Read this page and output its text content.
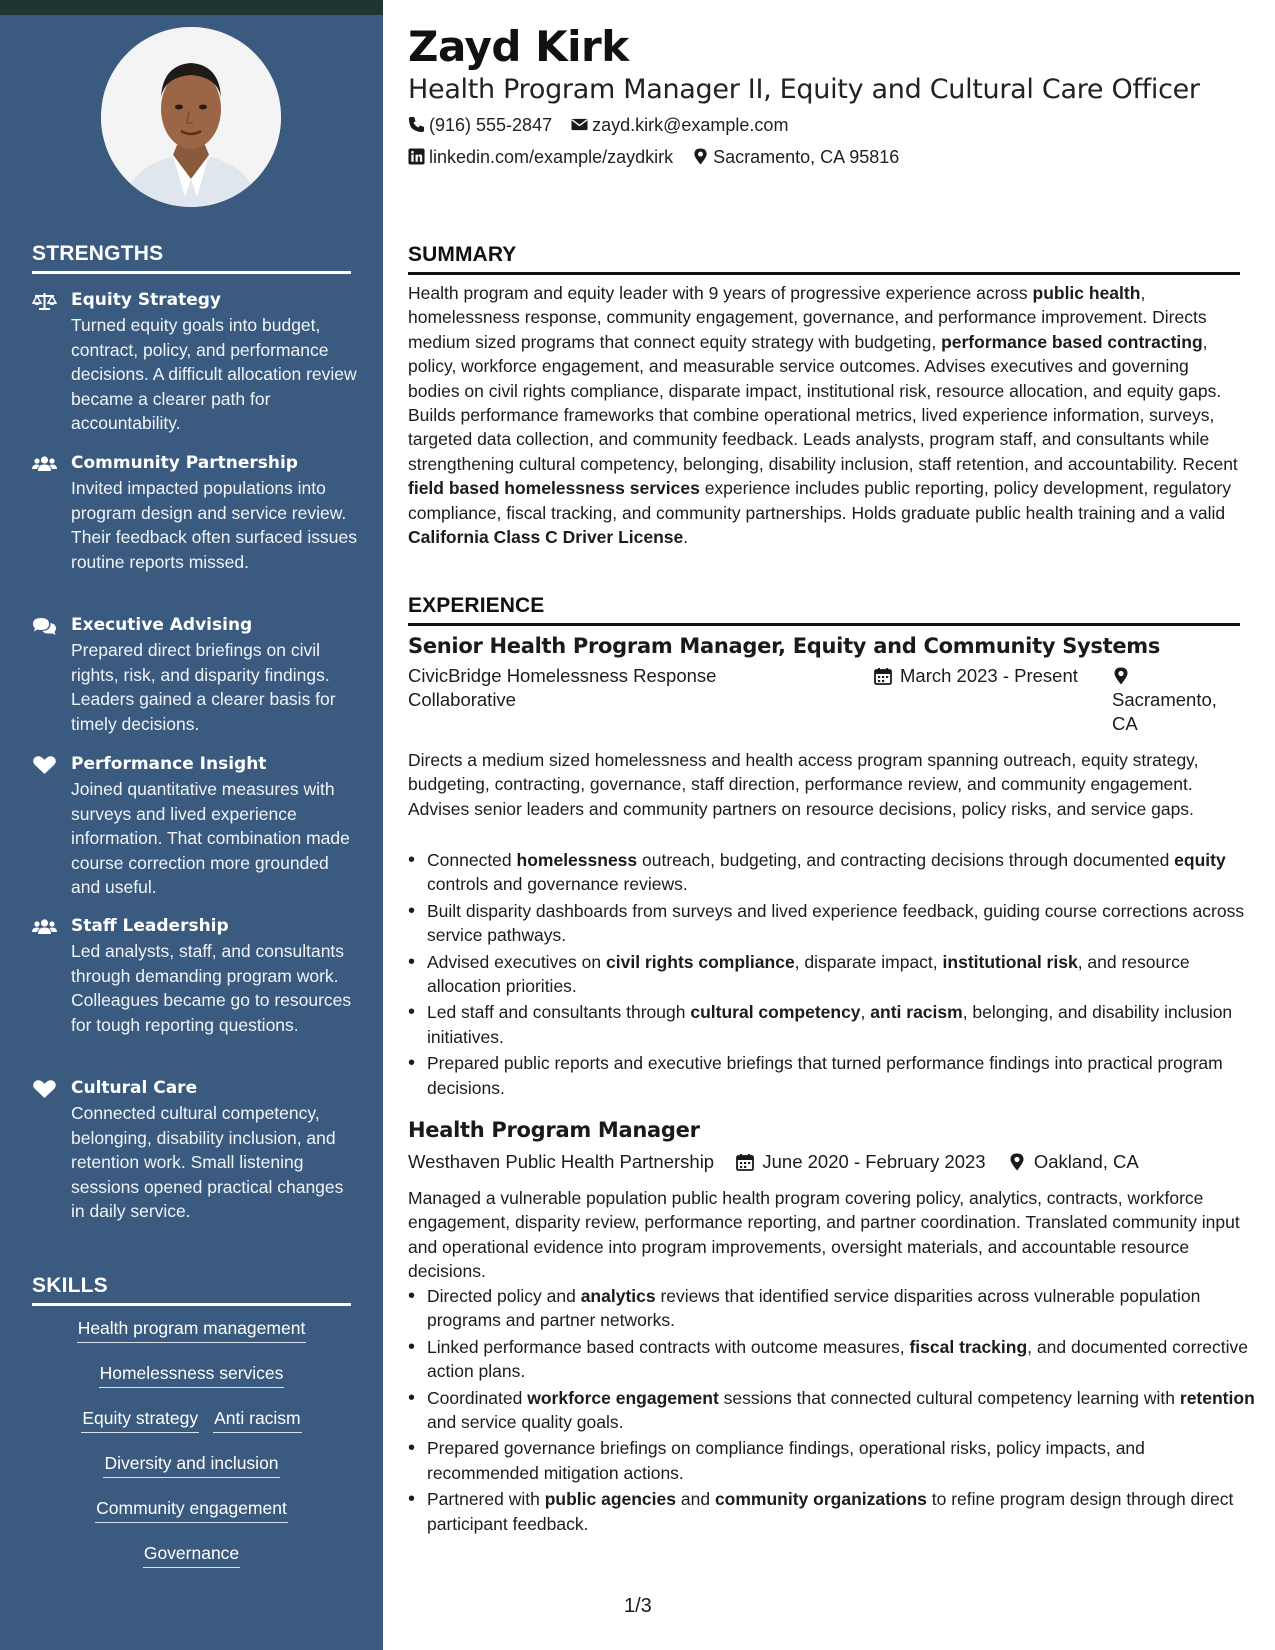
STRENGTHS
Equity Strategy
Turned equity goals into budget, contract, policy, and performance decisions. A difficult allocation review became a clearer path for accountability.
Community Partnership
Invited impacted populations into program design and service review. Their feedback often surfaced issues routine reports missed.
Executive Advising
Prepared direct briefings on civil rights, risk, and disparity findings. Leaders gained a clearer basis for timely decisions.
Performance Insight
Joined quantitative measures with surveys and lived experience information. That combination made course correction more grounded and useful.
Staff Leadership
Led analysts, staff, and consultants through demanding program work. Colleagues became go to resources for tough reporting questions.
Cultural Care
Connected cultural competency, belonging, disability inclusion, and retention work. Small listening sessions opened practical changes in daily service.
SKILLS
Health program management
Homelessness services
Equity strategy Anti racism
Diversity and inclusion
Community engagement
Governance
Zayd Kirk
Health Program Manager II, Equity and Cultural Care Officer
(916) 555-2847 zayd.kirk@example.com
linkedin.com/example/zaydkirk Sacramento, CA 95816
SUMMARY
Health program and equity leader with 9 years of progressive experience across public health, homelessness response, community engagement, governance, and performance improvement. Directs medium sized programs that connect equity strategy with budgeting, performance based contracting, policy, workforce engagement, and measurable service outcomes. Advises executives and governing bodies on civil rights compliance, disparate impact, institutional risk, resource allocation, and equity gaps. Builds performance frameworks that combine operational metrics, lived experience information, surveys, targeted data collection, and community feedback. Leads analysts, program staff, and consultants while strengthening cultural competency, belonging, disability inclusion, staff retention, and accountability. Recent field based homelessness services experience includes public reporting, policy development, regulatory compliance, fiscal tracking, and community partnerships. Holds graduate public health training and a valid California Class C Driver License.
EXPERIENCE
Senior Health Program Manager, Equity and Community Systems
CivicBridge Homelessness Response Collaborative
March 2023 - Present

Sacramento, CA
Directs a medium sized homelessness and health access program spanning outreach, equity strategy, budgeting, contracting, governance, staff direction, performance review, and community engagement. Advises senior leaders and community partners on resource decisions, policy risks, and service gaps.
• Connected homelessness outreach, budgeting, and contracting decisions through documented equity controls and governance reviews.
• Built disparity dashboards from surveys and lived experience feedback, guiding course corrections across service pathways.
• Advised executives on civil rights compliance, disparate impact, institutional risk, and resource allocation priorities.
• Led staff and consultants through cultural competency, anti racism, belonging, and disability inclusion initiatives.
• Prepared public reports and executive briefings that turned performance findings into practical program decisions.
Health Program Manager
Westhaven Public Health Partnership	June 2020 - February 2023	Oakland, CA
Managed a vulnerable population public health program covering policy, analytics, contracts, workforce engagement, disparity review, performance reporting, and partner coordination. Translated community input and operational evidence into program improvements, oversight materials, and accountable resource decisions.
• Directed policy and analytics reviews that identified service disparities across vulnerable population programs and partner networks.
• Linked performance based contracts with outcome measures, fiscal tracking, and documented corrective action plans.
• Coordinated workforce engagement sessions that connected cultural competency learning with retention and service quality goals.
• Prepared governance briefings on compliance findings, operational risks, policy impacts, and recommended mitigation actions.
• Partnered with public agencies and community organizations to refine program design through direct participant feedback.
1/3
